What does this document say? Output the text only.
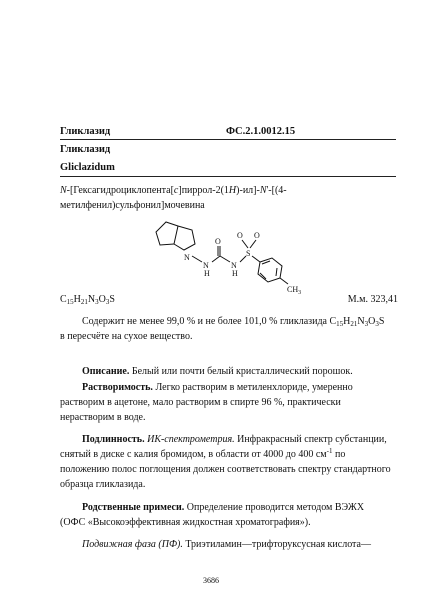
Гликлазид	ФС.2.1.0012.15
Гликлазид
Gliclazidum
N-[Гексагидроциклопента[c]пиррол-2(1H)-ил]-N'-[(4-
метилфенил)сульфонил]мочевина
N
N
H
N
H
S
O O
O
$CH_3$
$C_{15}H_{21}N_3O_3S$	М.м. 323,41
Содержит не менее 99,0 % и не более 101,0 % гликлазида $C_{15}H_{21}N_3O_3S$
в пересчёте на сухое вещество.
Описание. Белый или почти белый кристаллический порошок.
Растворимость. Легко растворим в метиленхлориде, умеренно
растворим в ацетоне, мало растворим в спирте 96 %, практически
нерастворим в воде.
Подлинность. ИК-спектрометрия. Инфракрасный спектр субстанции,
снятый в диске с калия бромидом, в области от 4000 до 400 $см^{-1}$ по
положению полос поглощения должен соответствовать спектру стандартного
образца гликлазида.
Родственные примеси. Определение проводится методом ВЭЖХ
(ОФС «Высокоэффективная жидкостная хроматография»).
Подвижная фаза (ПФ). Триэтиламин—трифторуксусная кислота—
3686
